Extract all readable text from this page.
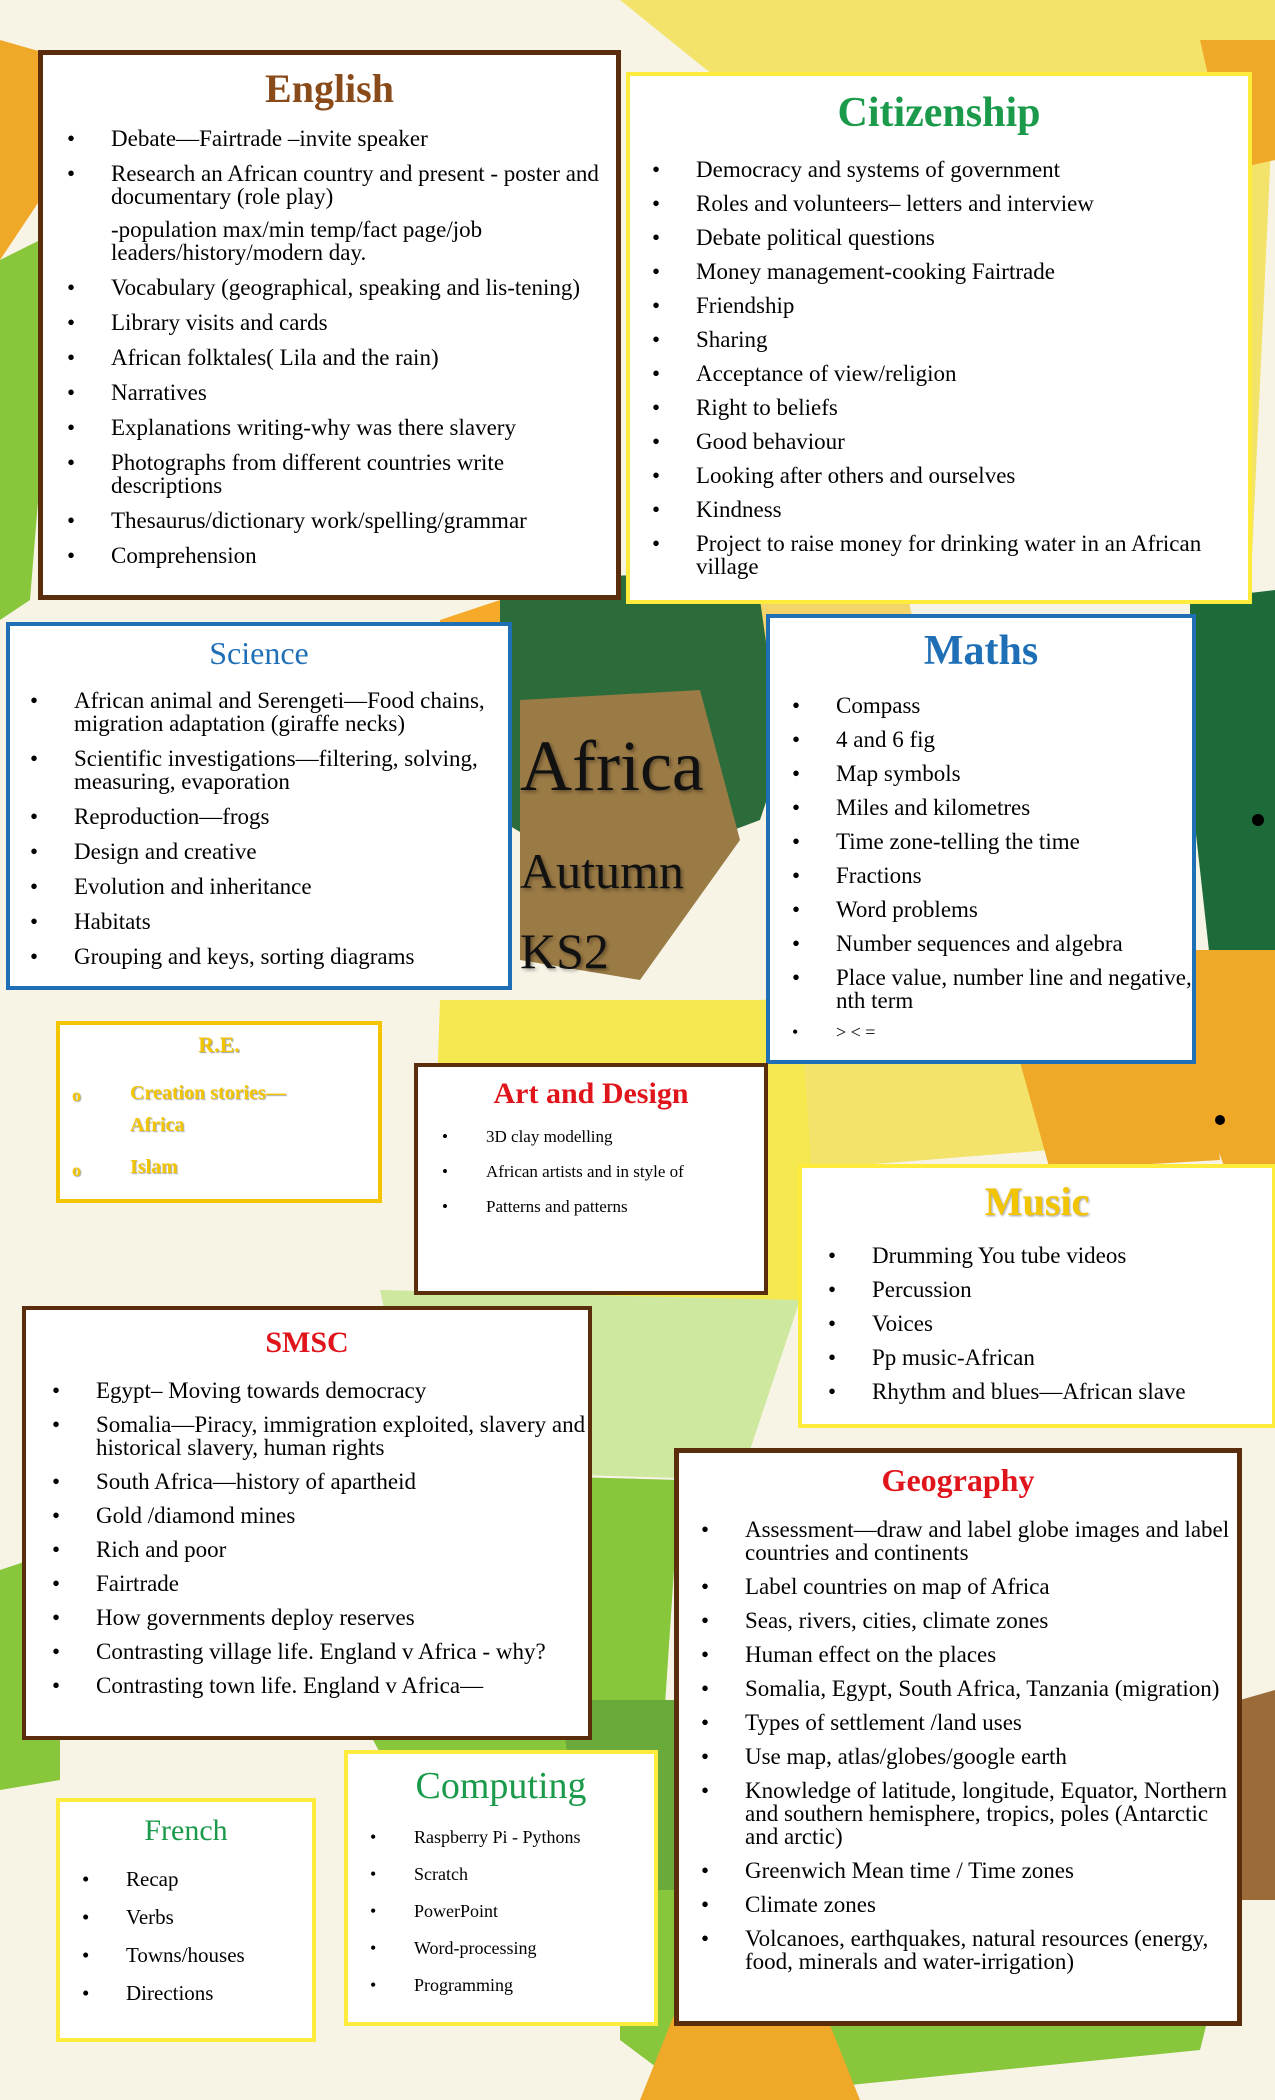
English
• Debate—Fairtrade –invite speaker
• Research an African country and present - poster and documentary (role play)
-population max/min temp/fact page/job leaders/history/modern day.
• Vocabulary (geographical, speaking and lis-tening)
• Library visits and cards
• African folktales( Lila and the rain)
• Narratives
• Explanations writing-why was there slavery
• Photographs from different countries write descriptions
• Thesaurus/dictionary work/spelling/grammar
• Comprehension
Citizenship
• Democracy and systems of government
• Roles and volunteers– letters and interview
• Debate political questions
• Money management-cooking Fairtrade
• Friendship
• Sharing
• Acceptance of view/religion
• Right to beliefs
• Good behaviour
• Looking after others and ourselves
• Kindness
• Project to raise money for drinking water in an African village
Science
• African animal and Serengeti—Food chains, migration adaptation (giraffe necks)
• Scientific investigations—filtering, solving, measuring, evaporation
• Reproduction—frogs
• Design and creative
• Evolution and inheritance
• Habitats
• Grouping and keys, sorting diagrams
Africa
Autumn
KS2
Maths
• Compass
• 4 and 6 fig
• Map symbols
• Miles and kilometres
• Time zone-telling the time
• Fractions
• Word problems
• Number sequences and algebra
• Place value, number line and negative, nth term
• > < =
R.E.
o Creation stories—Africa
o Islam
Art and Design
• 3D clay modelling
• African artists and in style of
• Patterns and patterns	Music
• Drumming You tube videos
• Percussion
• Voices
• Pp music-African
• Rhythm and blues—African slave
SMSC
• Egypt– Moving towards democracy
• Somalia—Piracy, immigration exploited, slavery and historical slavery, human rights
• South Africa—history of apartheid
• Gold /diamond mines
• Rich and poor
• Fairtrade
• How governments deploy reserves
• Contrasting village life. England v Africa - why?
• Contrasting town life. England v Africa—
Geography
• Assessment—draw and label globe images and label countries and continents
• Label countries on map of Africa
• Seas, rivers, cities, climate zones
• Human effect on the places
• Somalia, Egypt, South Africa, Tanzania (migration)
• Types of settlement /land uses
• Use map, atlas/globes/google earth
• Knowledge of latitude, longitude, Equator, Northern and southern hemisphere, tropics, poles (Antarctic and arctic)
• Greenwich Mean time / Time zones
• Climate zones
• Volcanoes, earthquakes, natural resources (energy, food, minerals and water-irrigation)
French
• Recap
• Verbs
• Towns/houses
• Directions
Computing
• Raspberry Pi - Pythons
• Scratch
• PowerPoint
• Word-processing
• Programming
